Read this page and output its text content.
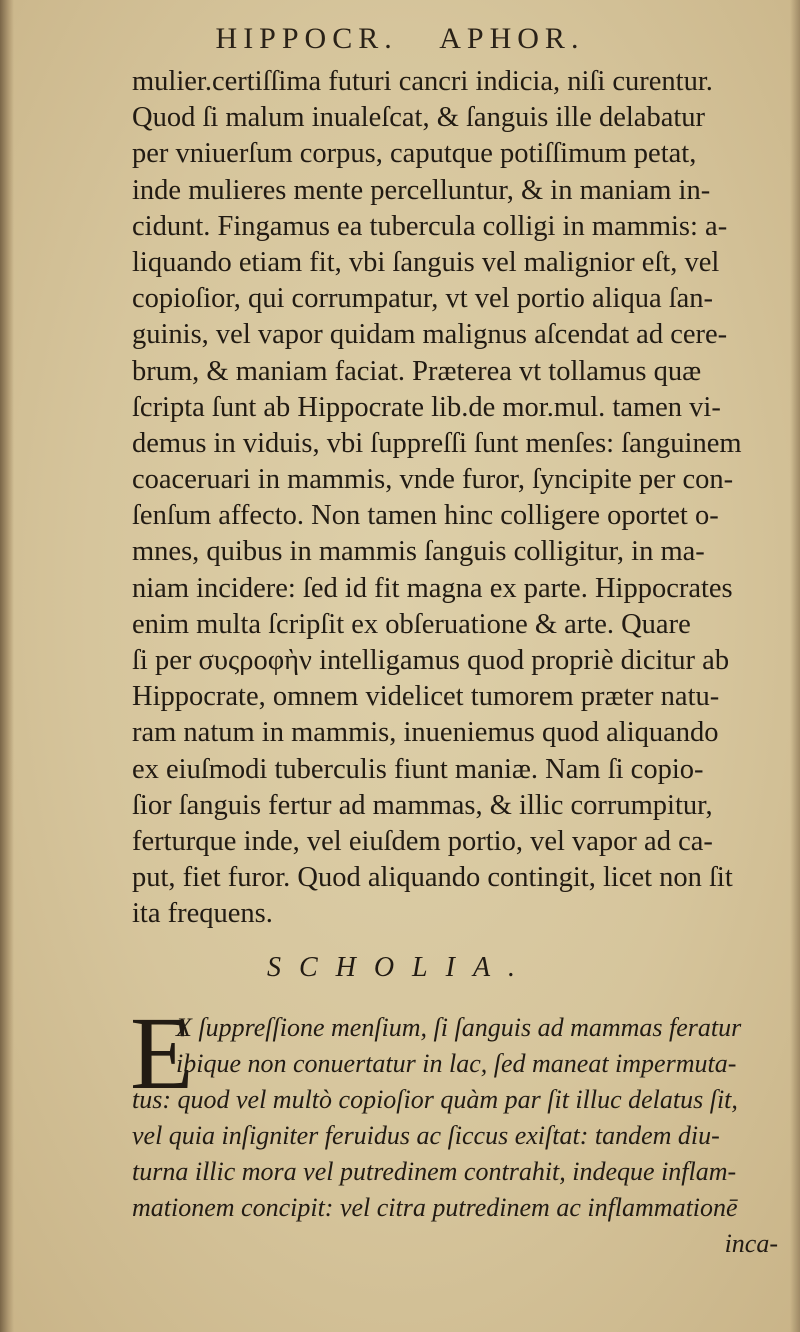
HIPPOCR. APHOR.
mulier.certiſſima futuri cancri indicia, niſi curentur.
Quod ſi malum inualeſcat, & ſanguis ille delabatur
per vniuerſum corpus, caputque potiſſimum petat,
inde mulieres mente percelluntur, & in maniam in-
cidunt. Fingamus ea tubercula colligi in mammis: a-
liquando etiam fit, vbi ſanguis vel malignior eſt, vel
copioſior, qui corrumpatur, vt vel portio aliqua ſan-
guinis, vel vapor quidam malignus aſcendat ad cere-
brum, & maniam faciat. Præterea vt tollamus quæ
ſcripta ſunt ab Hippocrate lib.de mor.mul. tamen vi-
demus in viduis, vbi ſuppreſſi ſunt menſes: ſanguinem
coaceruari in mammis, vnde furor, ſyncipite per con-
ſenſum affecto. Non tamen hinc colligere oportet o-
mnes, quibus in mammis ſanguis colligitur, in ma-
niam incidere: ſed id fit magna ex parte. Hippocrates
enim multa ſcripſit ex obſeruatione & arte. Quare
ſi per συςροφὴν intelligamus quod propriè dicitur ab
Hippocrate, omnem videlicet tumorem præter natu-
ram natum in mammis, inueniemus quod aliquando
ex eiuſmodi tuberculis fiunt maniæ. Nam ſi copio-
ſior ſanguis fertur ad mammas, & illic corrumpitur,
ferturque inde, vel eiuſdem portio, vel vapor ad ca-
put, fiet furor. Quod aliquando contingit, licet non ſit
ita frequens.
SCHOLIA.
E
X ſuppreſſione menſium, ſi ſanguis ad mammas feratur
ibique non conuertatur in lac, ſed maneat impermuta-
tus: quod vel multò copioſior quàm par ſit illuc delatus ſit,
vel quia inſigniter feruidus ac ſiccus exiſtat: tandem diu-
turna illic mora vel putredinem contrahit, indeque inflam-
mationem concipit: vel citra putredinem ac inflammationē
inca-
